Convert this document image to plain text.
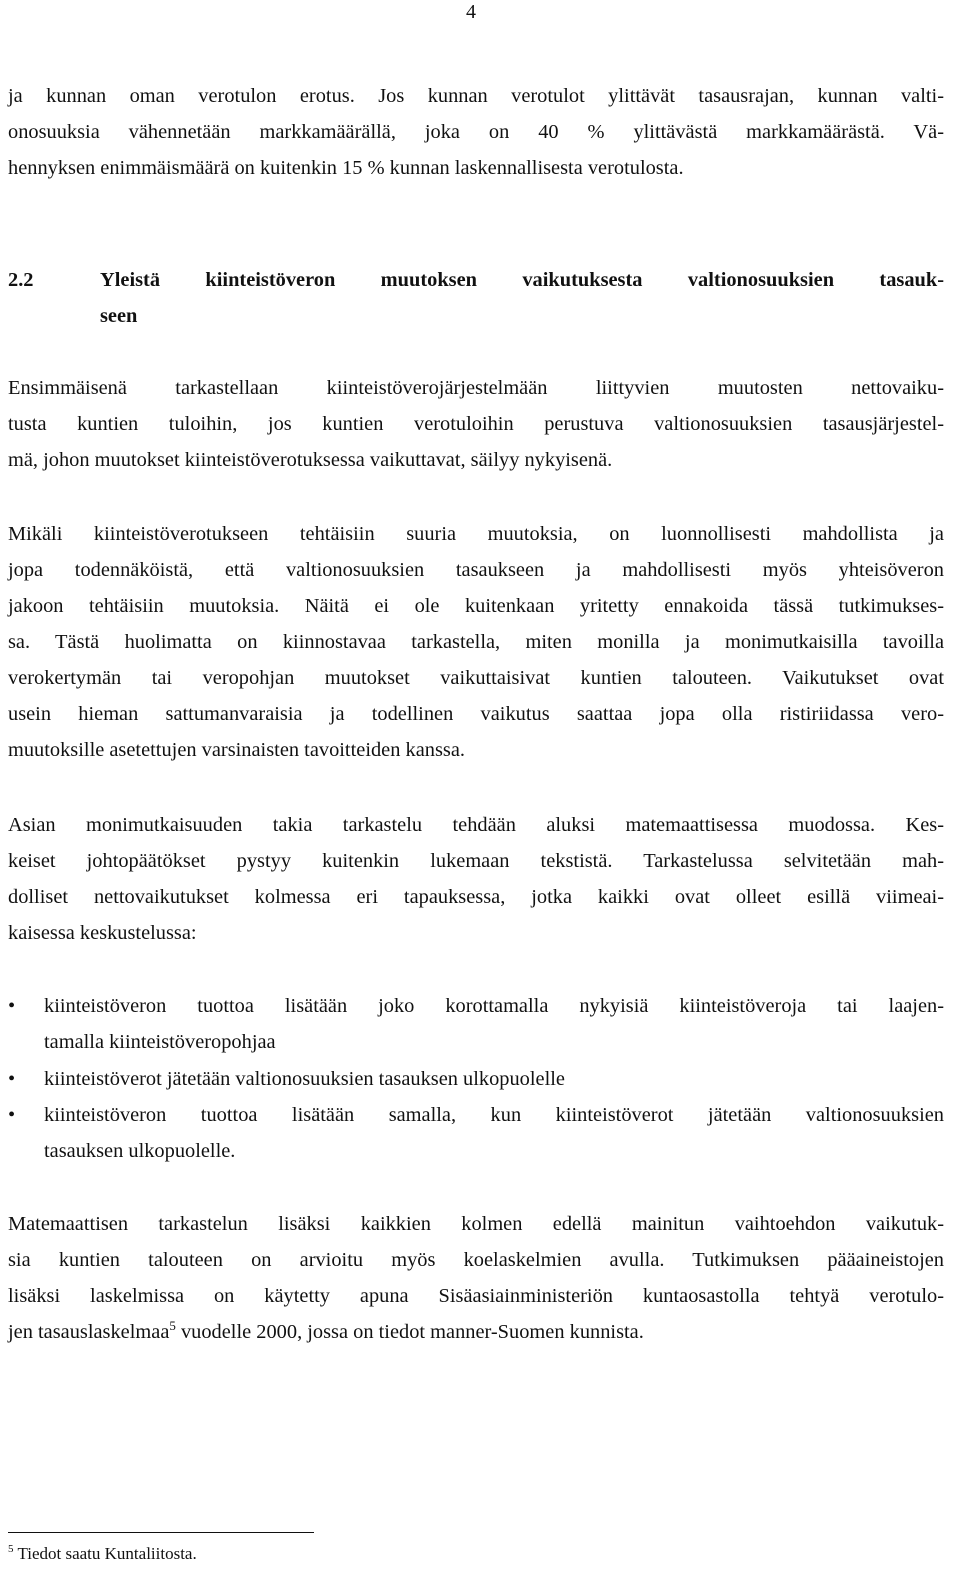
4
ja kunnan oman verotulon erotus. Jos kunnan verotulot ylittävät tasausrajan, kunnan valti-
onosuuksia vähennetään markkamäärällä, joka on 40 % ylittävästä markkamäärästä. Vä-
hennyksen enimmäismäärä on kuitenkin 15 % kunnan laskennallisesta verotulosta.
2.2	Yleistä kiinteistöveron muutoksen vaikutuksesta valtionosuuksien tasauk-
seen
Ensimmäisenä tarkastellaan kiinteistöverojärjestelmään liittyvien muutosten nettovaiku-
tusta kuntien tuloihin, jos kuntien verotuloihin perustuva valtionosuuksien tasausjärjestel-
mä, johon muutokset kiinteistöverotuksessa vaikuttavat, säilyy nykyisenä.
Mikäli kiinteistöverotukseen tehtäisiin suuria muutoksia, on luonnollisesti mahdollista ja
jopa todennäköistä, että valtionosuuksien tasaukseen ja mahdollisesti myös yhteisöveron
jakoon tehtäisiin muutoksia. Näitä ei ole kuitenkaan yritetty ennakoida tässä tutkimukses-
sa. Tästä huolimatta on kiinnostavaa tarkastella, miten monilla ja monimutkaisilla tavoilla
verokertymän tai veropohjan muutokset vaikuttaisivat kuntien talouteen. Vaikutukset ovat
usein hieman sattumanvaraisia ja todellinen vaikutus saattaa jopa olla ristiriidassa vero-
muutoksille asetettujen varsinaisten tavoitteiden kanssa.
Asian monimutkaisuuden takia tarkastelu tehdään aluksi matemaattisessa muodossa. Kes-
keiset johtopäätökset pystyy kuitenkin lukemaan tekstistä. Tarkastelussa selvitetään mah-
dolliset nettovaikutukset kolmessa eri tapauksessa, jotka kaikki ovat olleet esillä viimeai-
kaisessa keskustelussa:
• kiinteistöveron tuottoa lisätään joko korottamalla nykyisiä kiinteistöveroja tai laajen-
tamalla kiinteistöveropohjaa
• kiinteistöverot jätetään valtionosuuksien tasauksen ulkopuolelle
• kiinteistöveron tuottoa lisätään samalla, kun kiinteistöverot jätetään valtionosuuksien
tasauksen ulkopuolelle.
Matemaattisen tarkastelun lisäksi kaikkien kolmen edellä mainitun vaihtoehdon vaikutuk-
sia kuntien talouteen on arvioitu myös koelaskelmien avulla. Tutkimuksen pääaineistojen
lisäksi laskelmissa on käytetty apuna Sisäasiainministeriön kuntaosastolla tehtyä verotulo-
jen tasauslaskelmaa$^5$ vuodelle 2000, jossa on tiedot manner-Suomen kunnista.
$^5$ Tiedot saatu Kuntaliitosta.
